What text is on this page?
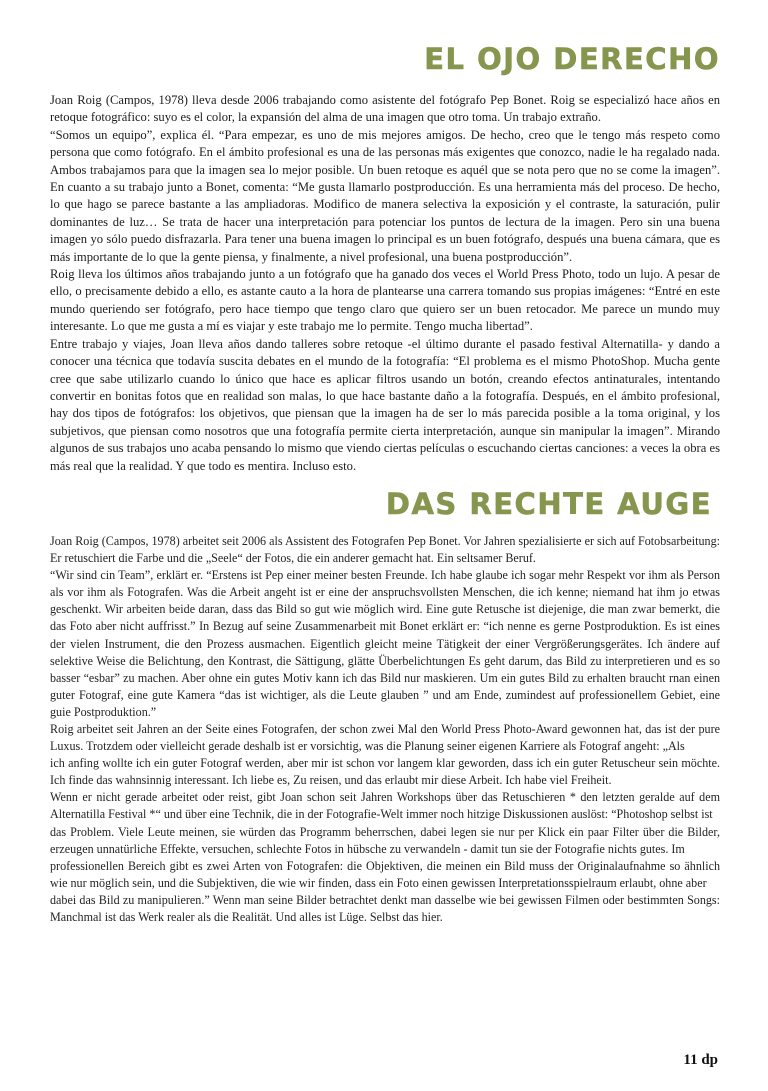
EL OJO DERECHO

Joan Roig (Campos, 1978) lleva desde 2006 trabajando como asistente del fotógrafo Pep Bonet. Roig se especializó hace años en retoque fotográfico: suyo es el color, la expansión del alma de una imagen que otro toma. Un trabajo extraño.

“Somos un equipo”, explica él. “Para empezar, es uno de mis mejores amigos. De hecho, creo que le tengo más respeto como persona que como fotógrafo. En el ámbito profesional es una de las personas más exigentes que conozco, nadie le ha regalado nada. Ambos trabajamos para que la imagen sea lo mejor posible. Un buen retoque es aquél que se nota pero que no se come la imagen”. En cuanto a su trabajo junto a Bonet, comenta: “Me gusta llamarlo postproducción. Es una herramienta más del proceso. De hecho, lo que hago se parece bastante a las ampliadoras. Modifico de manera selectiva la exposición y el contraste, la saturación, pulir dominantes de luz… Se trata de hacer una interpretación para potenciar los puntos de lectura de la imagen. Pero sin una buena imagen yo sólo puedo disfrazarla. Para tener una buena imagen lo principal es un buen fotógrafo, después una buena cámara, que es más importante de lo que la gente piensa, y finalmente, a nivel profesional, una buena postproducción”.

Roig lleva los últimos años trabajando junto a un fotógrafo que ha ganado dos veces el World Press Photo, todo un lujo. A pesar de ello, o precisamente debido a ello, es astante cauto a la hora de plantearse una carrera tomando sus propias imágenes: “Entré en este mundo queriendo ser fotógrafo, pero hace tiempo que tengo claro que quiero ser un buen retocador. Me parece un mundo muy interesante. Lo que me gusta a mí es viajar y este trabajo me lo permite. Tengo mucha libertad”.

Entre trabajo y viajes, Joan lleva años dando talleres sobre retoque -el último durante el pasado festival Alternatilla- y dando a conocer una técnica que todavía suscita debates en el mundo de la fotografía: “El problema es el mismo PhotoShop. Mucha gente cree que sabe utilizarlo cuando lo único que hace es aplicar filtros usando un botón, creando efectos antinaturales, intentando convertir en bonitas fotos que en realidad son malas, lo que hace bastante daño a la fotografía. Después, en el ámbito profesional, hay dos tipos de fotógrafos: los objetivos, que piensan que la imagen ha de ser lo más parecida posible a la toma original, y los subjetivos, que piensan como nosotros que una fotografía permite cierta interpretación, aunque sin manipular la imagen”. Mirando algunos de sus trabajos uno acaba pensando lo mismo que viendo ciertas películas o escuchando ciertas canciones: a veces la obra es más real que la realidad. Y que todo es mentira. Incluso esto.

DAS RECHTE AUGE

Joan Roig (Campos, 1978) arbeitet seit 2006 als Assistent des Fotografen Pep Bonet. Vor Jahren spezialisierte er sich auf Fotobsarbeitung: Er retuschiert die Farbe und die „Seele“ der Fotos, die ein anderer gemacht hat. Ein seltsamer Beruf.

“Wir sind cin Team”, erklärt er. “Erstens ist Pep einer meiner besten Freunde. Ich habe glaube ich sogar mehr Respekt vor ihm als Person als vor ihm als Fotografen. Was die Arbeit angeht ist er eine der anspruchsvollsten Menschen, die ich kenne; niemand hat ihm jo etwas geschenkt. Wir arbeiten beide daran, dass das Bild so gut wie möglich wird. Eine gute Retusche ist diejenige, die man zwar bemerkt, die das Foto aber nicht auffrisst.” In Bezug auf seine Zusammenarbeit mit Bonet erklärt er: “ich nenne es gerne Postproduktion. Es ist eines der vielen Instrument, die den Prozess ausmachen. Eigentlich gleicht meine Tätigkeit der einer Vergrößerungsgerätes. Ich ändere auf selektive Weise die Belichtung, den Kontrast, die Sättigung, glätte Überbelichtungen Es geht darum, das Bild zu interpretieren und es so basser “esbar” zu machen. Aber ohne ein gutes Motiv kann ich das Bild nur maskieren. Um ein gutes Bild zu erhalten braucht rnan einen guter Fotograf, eine gute Kamera “das ist wichtiger, als die Leute glauben ” und am Ende, zumindest auf professionellem Gebiet, eine guie Postproduktion.”

Roig arbeitet seit Jahren an der Seite eines Fotografen, der schon zwei Mal den World Press Photo-Award gewonnen hat, das ist der pure Luxus. Trotzdem oder vielleicht gerade deshalb ist er vorsichtig, was die Planung seiner eigenen Karriere als Fotograf angeht: „Als

ich anfing wollte ich ein guter Fotograf werden, aber mir ist schon vor langem klar geworden, dass ich ein guter Retuscheur sein möchte. Ich finde das wahnsinnig interessant. Ich liebe es, Zu reisen, und das erlaubt mir diese Arbeit. Ich habe viel Freiheit.

Wenn er nicht gerade arbeitet oder reist, gibt Joan schon seit Jahren Workshops über das Retuschieren * den letzten geralde auf dem Alternatilla Festival *“ und über eine Technik, die in der Fotografie-Welt immer noch hitzige Diskussionen auslöst: “Photoshop selbst ist

das Problem. Viele Leute meinen, sie würden das Programm beherrschen, dabei legen sie nur per Klick ein paar Filter über die Bilder, erzeugen unnatürliche Effekte, versuchen, schlechte Fotos in hübsche zu verwandeln - damit tun sie der Fotografie nichts gutes. Im

professionellen Bereich gibt es zwei Arten von Fotografen: die Objektiven, die meinen ein Bild muss der Originalaufnahme so ähnlich wie nur möglich sein, und die Subjektiven, die wie wir finden, dass ein Foto einen gewissen Interpretationsspielraum erlaubt, ohne aber

dabei das Bild zu manipulieren.” Wenn man seine Bilder betrachtet denkt man dasselbe wie bei gewissen Filmen oder bestimmten Songs: Manchmal ist das Werk realer als die Realität. Und alles ist Lüge. Selbst das hier.

11 dp
